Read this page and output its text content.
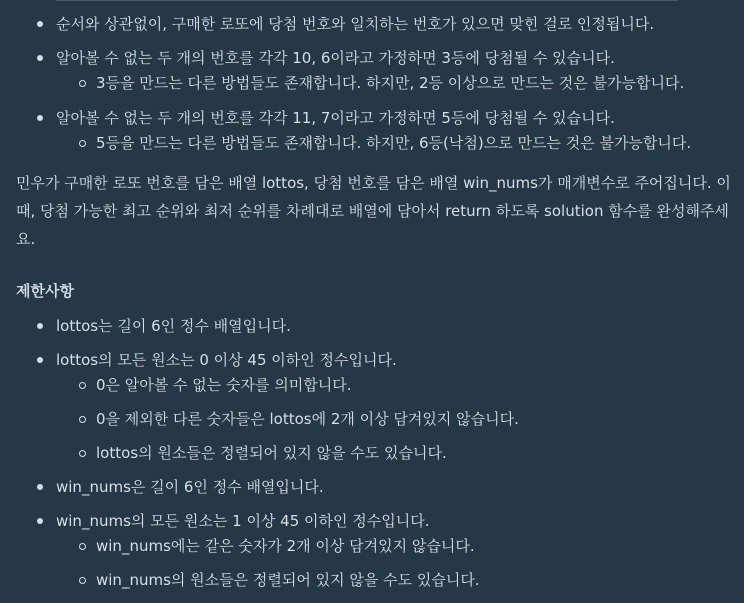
순서와 상관없이, 구매한 로또에 당첨 번호와 일치하는 번호가 있으면 맞힌 걸로 인정됩니다.
알아볼 수 없는 두 개의 번호를 각각 10, 6이라고 가정하면 3등에 당첨될 수 있습니다.
3등을 만드는 다른 방법들도 존재합니다. 하지만, 2등 이상으로 만드는 것은 불가능합니다.
알아볼 수 없는 두 개의 번호를 각각 11, 7이라고 가정하면 5등에 당첨될 수 있습니다.
5등을 만드는 다른 방법들도 존재합니다. 하지만, 6등(낙첨)으로 만드는 것은 불가능합니다.
민우가 구매한 로또 번호를 담은 배열 lottos, 당첨 번호를 담은 배열 win_nums가 매개변수로 주어집니다. 이
때, 당첨 가능한 최고 순위와 최저 순위를 차례대로 배열에 담아서 return 하도록 solution 함수를 완성해주세
요.
제한사항
lottos는 길이 6인 정수 배열입니다.
lottos의 모든 원소는 0 이상 45 이하인 정수입니다.
0은 알아볼 수 없는 숫자를 의미합니다.
0을 제외한 다른 숫자들은 lottos에 2개 이상 담겨있지 않습니다.
lottos의 원소들은 정렬되어 있지 않을 수도 있습니다.
win_nums은 길이 6인 정수 배열입니다.
win_nums의 모든 원소는 1 이상 45 이하인 정수입니다.
win_nums에는 같은 숫자가 2개 이상 담겨있지 않습니다.
win_nums의 원소들은 정렬되어 있지 않을 수도 있습니다.
